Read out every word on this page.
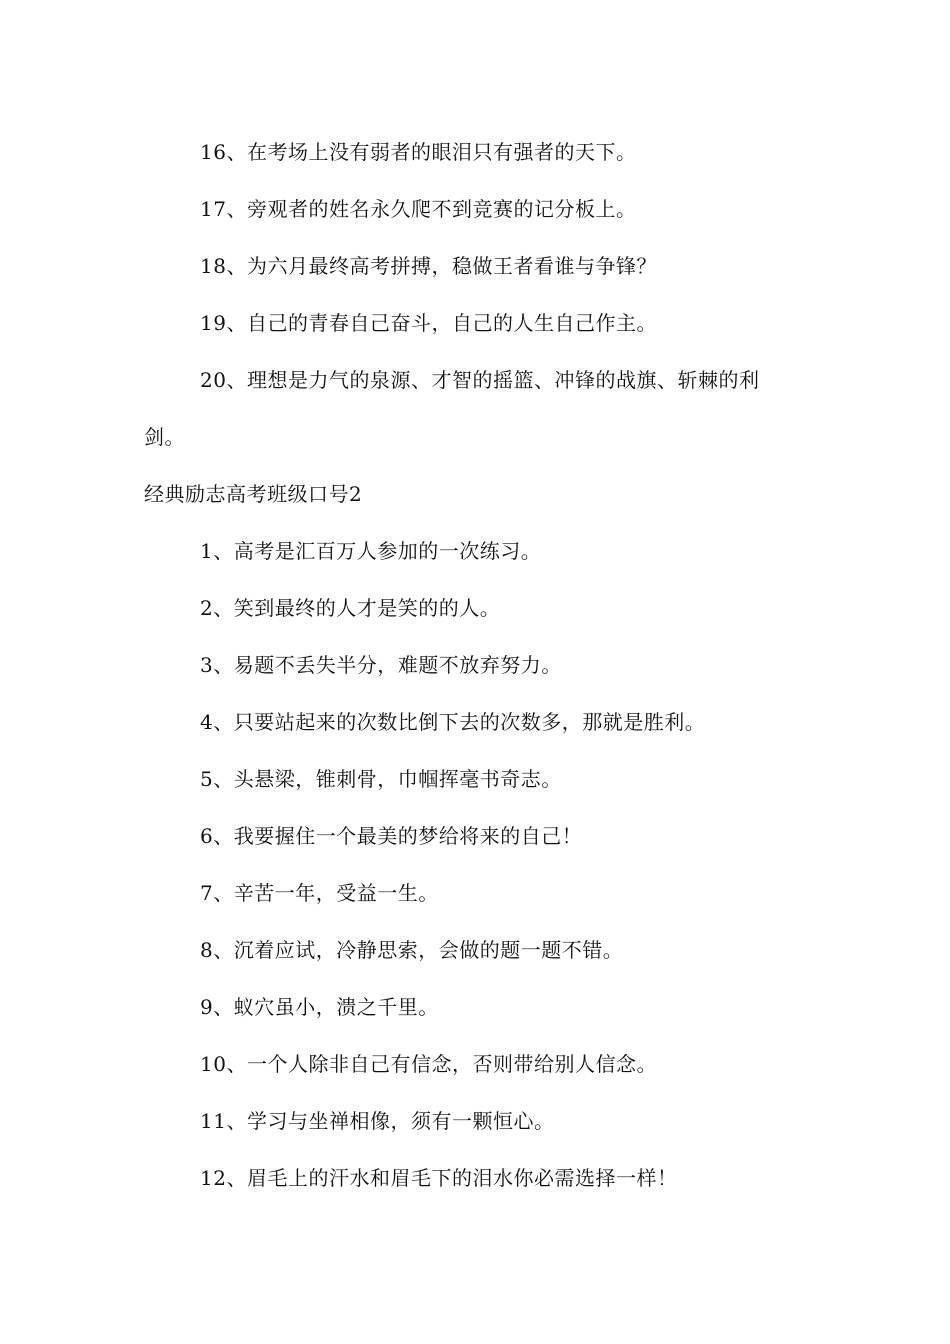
16、在考场上没有弱者的眼泪只有强者的天下。
17、旁观者的姓名永久爬不到竞赛的记分板上。
18、为六月最终高考拼搏，稳做王者看谁与争锋？
19、自己的青春自己奋斗，自己的人生自己作主。
20、理想是力气的泉源、才智的摇篮、冲锋的战旗、斩棘的利
剑。
经典励志高考班级口号2
1、高考是汇百万人参加的一次练习。
2、笑到最终的人才是笑的的人。
3、易题不丢失半分，难题不放弃努力。
4、只要站起来的次数比倒下去的次数多，那就是胜利。
5、头悬梁，锥刺骨，巾帼挥毫书奇志。
6、我要握住一个最美的梦给将来的自己！
7、辛苦一年，受益一生。
8、沉着应试，冷静思索，会做的题一题不错。
9、蚁穴虽小，溃之千里。
10、一个人除非自己有信念，否则带给别人信念。
11、学习与坐禅相像，须有一颗恒心。
12、眉毛上的汗水和眉毛下的泪水你必需选择一样！
